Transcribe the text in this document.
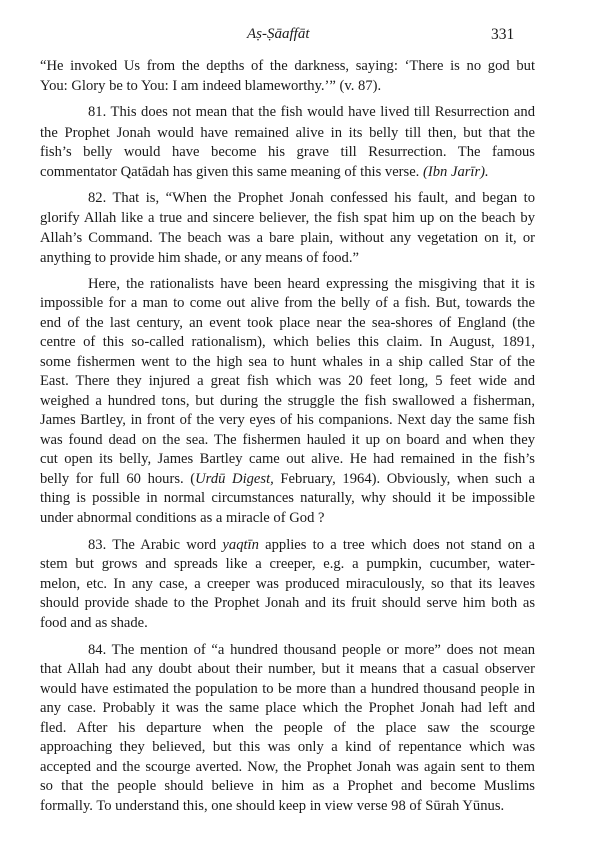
Aṣ-Ṣāaffāt	331
“He invoked Us from the depths of the darkness, saying: ‘There is no god but
You: Glory be to You: I am indeed blameworthy.’” (v. 87).
81. This does not mean that the fish would have lived till Resurrection and
the Prophet Jonah would have remained alive in its belly till then, but that the
fish’s belly would have become his grave till Resurrection. The famous
commentator Qatādah has given this same meaning of this verse. (Ibn Jarīr).
82. That is, “When the Prophet Jonah confessed his fault, and began to
glorify Allah like a true and sincere believer, the fish spat him up on the beach by
Allah’s Command. The beach was a bare plain, without any vegetation on it, or
anything to provide him shade, or any means of food.”
Here, the rationalists have been heard expressing the misgiving that it is
impossible for a man to come out alive from the belly of a fish. But, towards the
end of the last century, an event took place near the sea-shores of England (the
centre of this so-called rationalism), which belies this claim. In August, 1891,
some fishermen went to the high sea to hunt whales in a ship called Star of the
East. There they injured a great fish which was 20 feet long, 5 feet wide and
weighed a hundred tons, but during the struggle the fish swallowed a fisherman,
James Bartley, in front of the very eyes of his companions. Next day the same fish
was found dead on the sea. The fishermen hauled it up on board and when they
cut open its belly, James Bartley came out alive. He had remained in the fish’s
belly for full 60 hours. (Urdū Digest, February, 1964). Obviously, when such a
thing is possible in normal circumstances naturally, why should it be impossible
under abnormal conditions as a miracle of God ?
83. The Arabic word yaqtīn applies to a tree which does not stand on a
stem but grows and spreads like a creeper, e.g. a pumpkin, cucumber, water-
melon, etc. In any case, a creeper was produced miraculously, so that its leaves
should provide shade to the Prophet Jonah and its fruit should serve him both as
food and as shade.
84. The mention of “a hundred thousand people or more” does not mean
that Allah had any doubt about their number, but it means that a casual observer
would have estimated the population to be more than a hundred thousand people in
any case. Probably it was the same place which the Prophet Jonah had left and
fled. After his departure when the people of the place saw the scourge
approaching they believed, but this was only a kind of repentance which was
accepted and the scourge averted. Now, the Prophet Jonah was again sent to them
so that the people should believe in him as a Prophet and become Muslims
formally. To understand this, one should keep in view verse 98 of Sūrah Yūnus.
